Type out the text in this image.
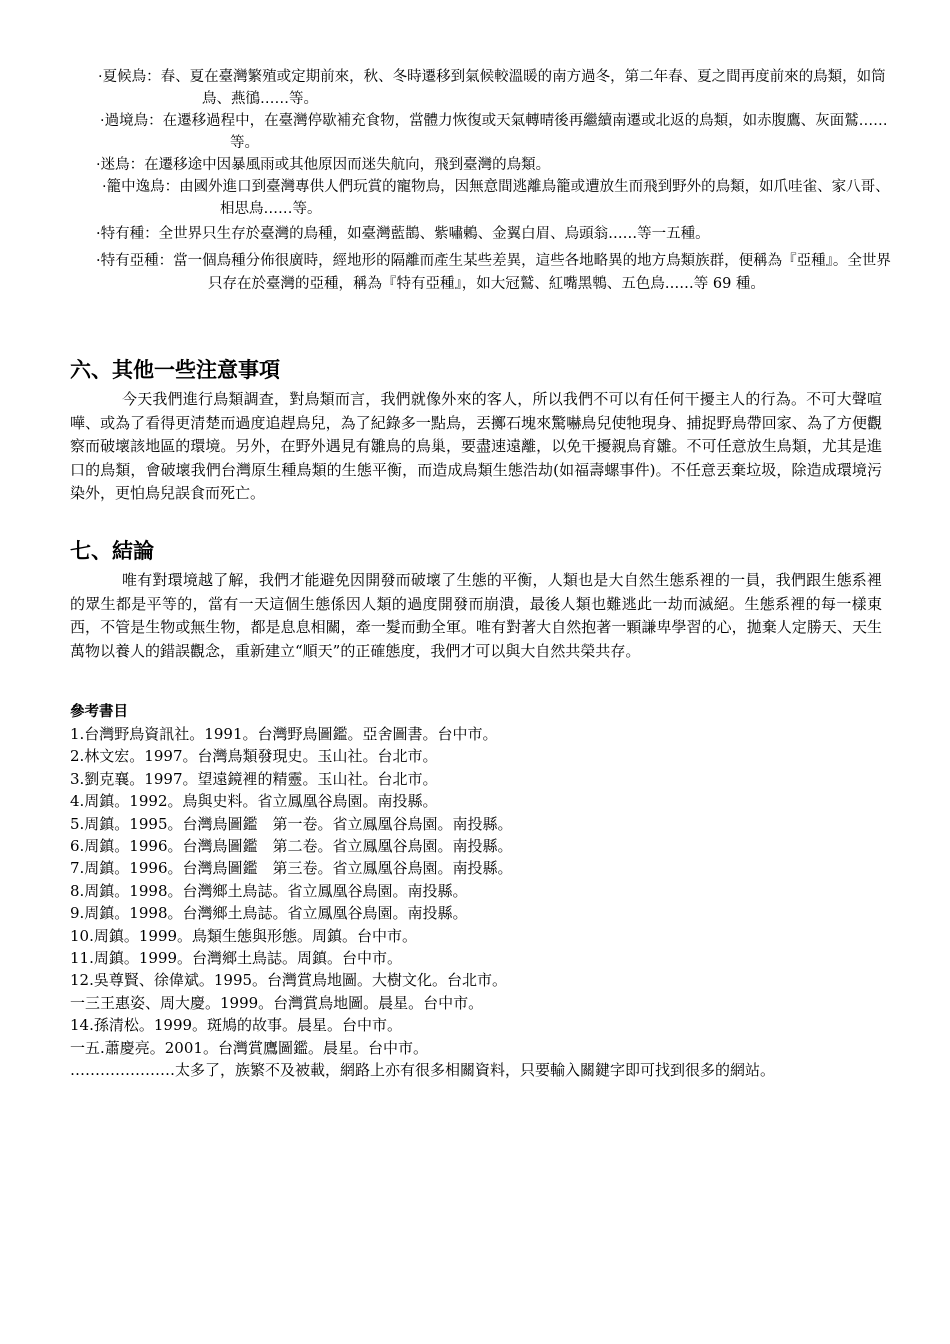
·夏候鳥：春、夏在臺灣繁殖或定期前來，秋、冬時遷移到氣候較溫暖的南方過冬，第二年春、夏之間再度前來的鳥類，如筒鳥、燕鴴……等。
·過境鳥：在遷移過程中，在臺灣停歇補充食物，當體力恢復或天氣轉晴後再繼續南遷或北返的鳥類，如赤腹鷹、灰面鷲……等。
·迷鳥：在遷移途中因暴風雨或其他原因而迷失航向，飛到臺灣的鳥類。
·籠中逸鳥：由國外進口到臺灣專供人們玩賞的寵物鳥，因無意間逃離鳥籠或遭放生而飛到野外的鳥類，如爪哇雀、家八哥、相思鳥……等。
·特有種：全世界只生存於臺灣的鳥種，如臺灣藍鵲、紫嘯鶇、金翼白眉、烏頭翁……等一五種。
·特有亞種：當一個鳥種分佈很廣時，經地形的隔離而產生某些差異，這些各地略異的地方鳥類族群，便稱為『亞種』。全世界只存在於臺灣的亞種，稱為『特有亞種』，如大冠鷲、紅嘴黑鵯、五色鳥……等 69 種。
六、其他一些注意事項

今天我們進行鳥類調查，對鳥類而言，我們就像外來的客人，所以我們不可以有任何干擾主人的行為。不可大聲喧嘩、或為了看得更清楚而過度追趕鳥兒，為了紀錄多一點鳥，丟擲石塊來驚嚇鳥兒使牠現身、捕捉野鳥帶回家、為了方便觀察而破壞該地區的環境。另外，在野外遇見有雛鳥的鳥巢，要盡速遠離，以免干擾親鳥育雛。不可任意放生鳥類，尤其是進口的鳥類，會破壞我們台灣原生種鳥類的生態平衡，而造成鳥類生態浩劫(如福壽螺事件)。不任意丟棄垃圾，除造成環境污染外，更怕鳥兒誤食而死亡。

七、結論

唯有對環境越了解，我們才能避免因開發而破壞了生態的平衡，人類也是大自然生態系裡的一員，我們跟生態系裡的眾生都是平等的，當有一天這個生態係因人類的過度開發而崩潰，最後人類也難逃此一劫而滅絕。生態系裡的每一樣東西，不管是生物或無生物，都是息息相關，牽一髮而動全軍。唯有對著大自然抱著一顆謙卑學習的心，拋棄人定勝天、天生萬物以養人的錯誤觀念，重新建立“順天”的正確態度，我們才可以與大自然共榮共存。

參考書目

1.台灣野鳥資訊社。1991。台灣野鳥圖鑑。亞舍圖書。台中市。
2.林文宏。1997。台灣鳥類發現史。玉山社。台北市。
3.劉克襄。1997。望遠鏡裡的精靈。玉山社。台北市。
4.周鎮。1992。鳥與史料。省立鳳凰谷鳥園。南投縣。
5.周鎮。1995。台灣鳥圖鑑　第一卷。省立鳳凰谷鳥園。南投縣。
6.周鎮。1996。台灣鳥圖鑑　第二卷。省立鳳凰谷鳥園。南投縣。
7.周鎮。1996。台灣鳥圖鑑　第三卷。省立鳳凰谷鳥園。南投縣。
8.周鎮。1998。台灣鄉土鳥誌。省立鳳凰谷鳥園。南投縣。
9.周鎮。1998。台灣鄉土鳥誌。省立鳳凰谷鳥園。南投縣。
10.周鎮。1999。鳥類生態與形態。周鎮。台中市。
11.周鎮。1999。台灣鄉土鳥誌。周鎮。台中市。
12.吳尊賢、徐偉斌。1995。台灣賞鳥地圖。大樹文化。台北市。
一三王惠姿、周大慶。1999。台灣賞鳥地圖。晨星。台中市。
14.孫清松。1999。斑鳩的故事。晨星。台中市。
一五.蕭慶亮。2001。台灣賞鷹圖鑑。晨星。台中市。
…………………太多了，族繁不及被載，網路上亦有很多相關資料，只要輸入關鍵字即可找到很多的網站。
